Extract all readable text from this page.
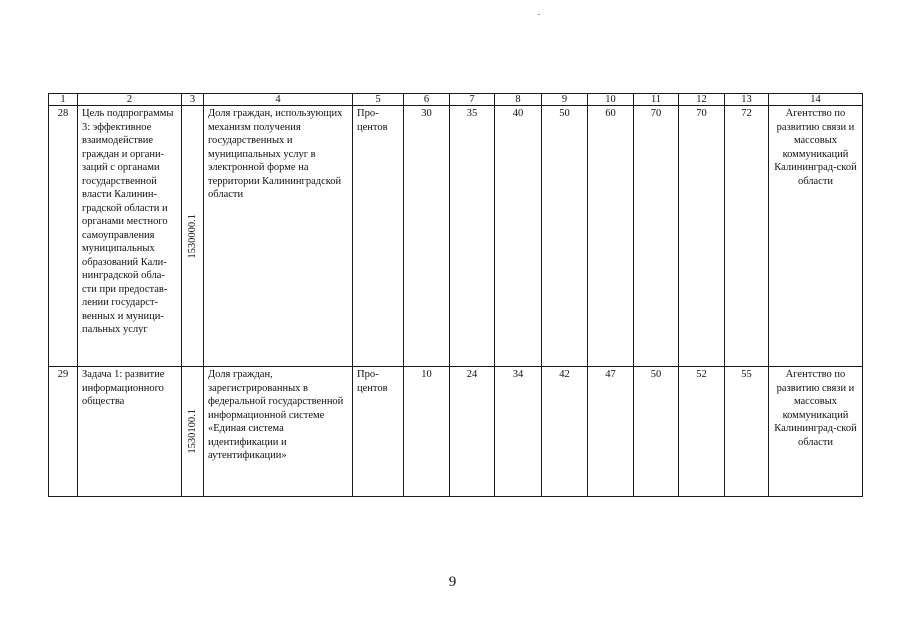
1	2	3	4	5	6	7	8	9	10	11	12	13	14
28	Цель подпрограммы 3: эффективное взаимодействие граждан и органи-заций с органами государственной власти Калинин-градской области и органами местного самоуправления муниципальных образований Кали-нинградской обла-сти при предостав-лении государст-венных и муници-пальных услуг	1530000.1	Доля граждан, использующих механизм получения государственных и муниципальных услуг в электронной форме на территории Калининградской области	Про-центов	30	35	40	50	60	70	70	72	Агентство по развитию связи и массовых коммуникаций Калининград-ской области
29	Задача 1: развитие информационного общества	1530100.1	Доля граждан, зарегистрированных в федеральной государственной информационной системе «Единая система идентификации и аутентификации»	Про-центов	10	24	34	42	47	50	52	55	Агентство по развитию связи и массовых коммуникаций Калининград-ской области
9
